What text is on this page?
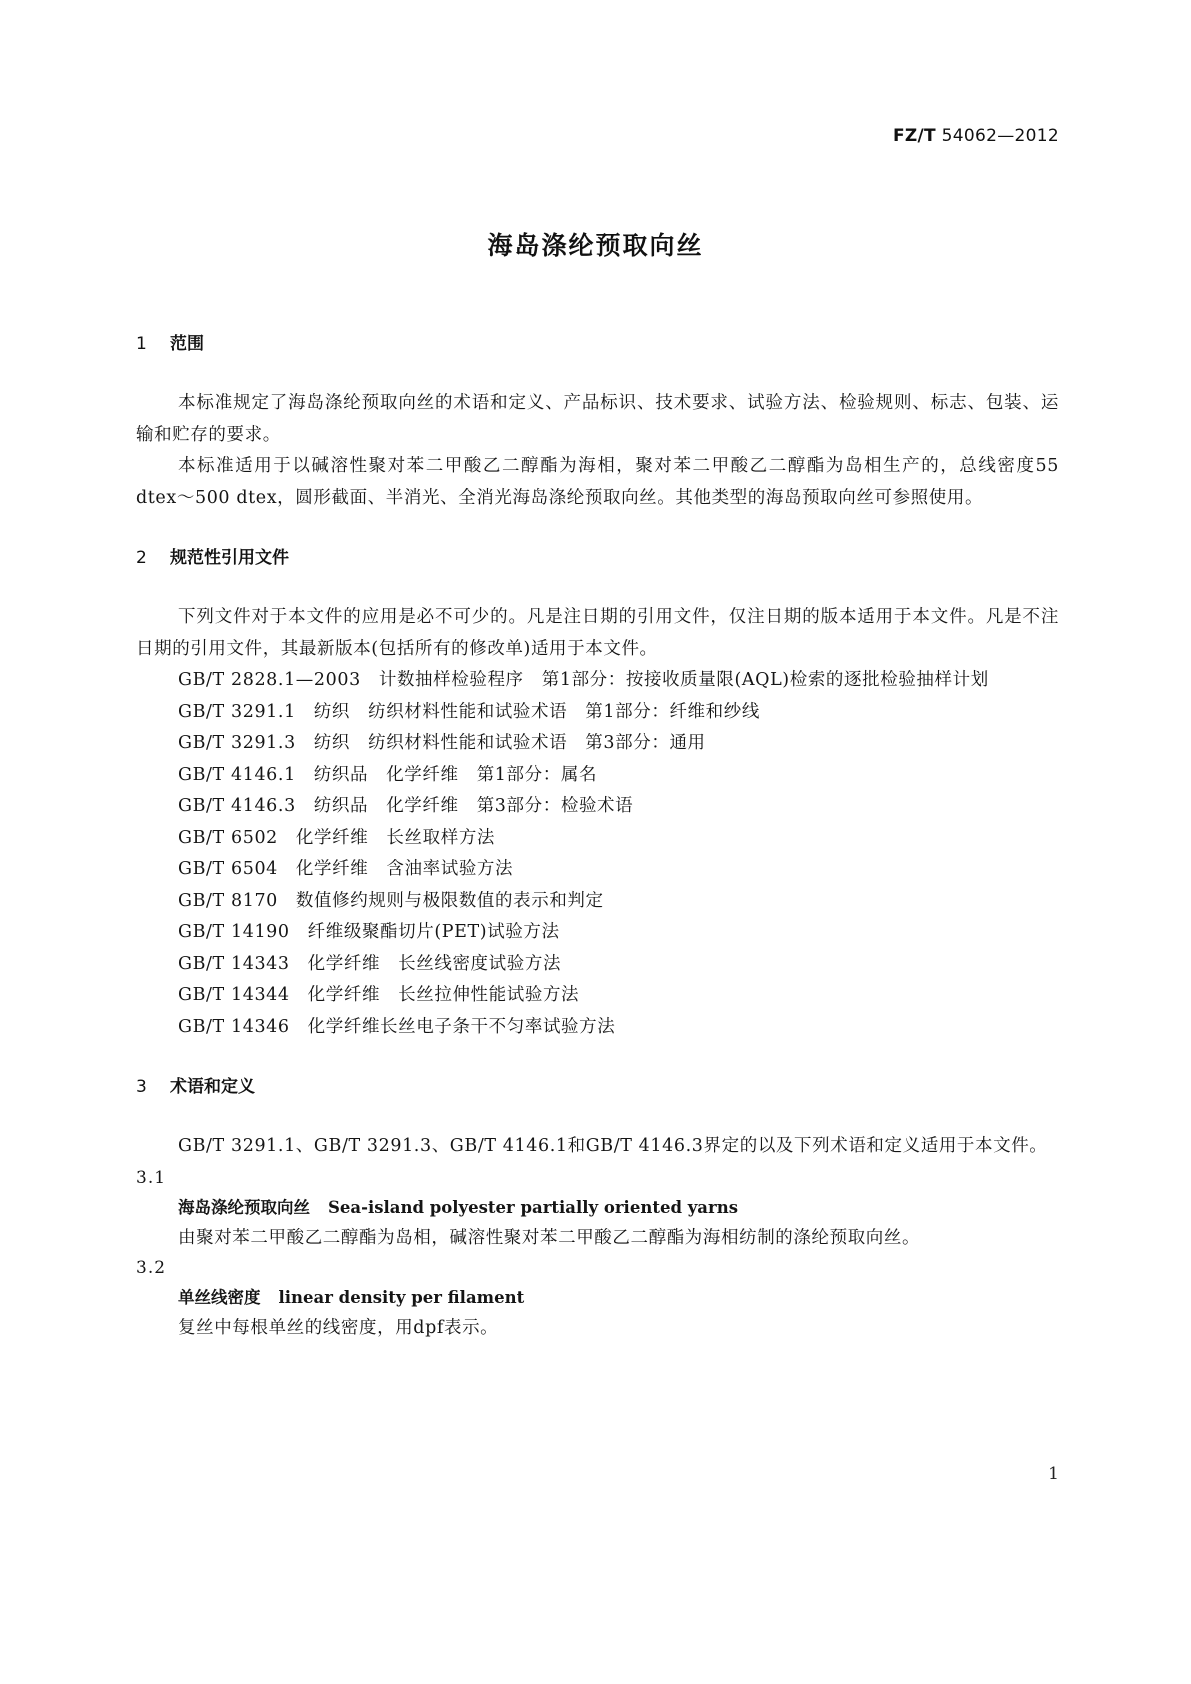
FZ/T 54062—2012
海岛涤纶预取向丝

1 范围

本标准规定了海岛涤纶预取向丝的术语和定义、产品标识、技术要求、试验方法、检验规则、标志、包装、运输和贮存的要求。

本标准适用于以碱溶性聚对苯二甲酸乙二醇酯为海相，聚对苯二甲酸乙二醇酯为岛相生产的，总线密度55 dtex～500 dtex，圆形截面、半消光、全消光海岛涤纶预取向丝。其他类型的海岛预取向丝可参照使用。

2 规范性引用文件

下列文件对于本文件的应用是必不可少的。凡是注日期的引用文件，仅注日期的版本适用于本文件。凡是不注日期的引用文件，其最新版本(包括所有的修改单)适用于本文件。

GB/T 2828.1—2003 计数抽样检验程序　第1部分：按接收质量限(AQL)检索的逐批检验抽样计划

GB/T 3291.1 纺织　纺织材料性能和试验术语　第1部分：纤维和纱线

GB/T 3291.3 纺织　纺织材料性能和试验术语　第3部分：通用

GB/T 4146.1 纺织品　化学纤维　第1部分：属名

GB/T 4146.3 纺织品　化学纤维　第3部分：检验术语

GB/T 6502 化学纤维　长丝取样方法

GB/T 6504 化学纤维　含油率试验方法

GB/T 8170 数值修约规则与极限数值的表示和判定

GB/T 14190 纤维级聚酯切片(PET)试验方法

GB/T 14343 化学纤维　长丝线密度试验方法

GB/T 14344 化学纤维　长丝拉伸性能试验方法

GB/T 14346 化学纤维长丝电子条干不匀率试验方法

3 术语和定义

GB/T 3291.1、GB/T 3291.3、GB/T 4146.1和GB/T 4146.3界定的以及下列术语和定义适用于本文件。

3.1

海岛涤纶预取向丝 Sea-island polyester partially oriented yarns

由聚对苯二甲酸乙二醇酯为岛相，碱溶性聚对苯二甲酸乙二醇酯为海相纺制的涤纶预取向丝。

3.2

单丝线密度 linear density per filament

复丝中每根单丝的线密度，用dpf表示。

1
